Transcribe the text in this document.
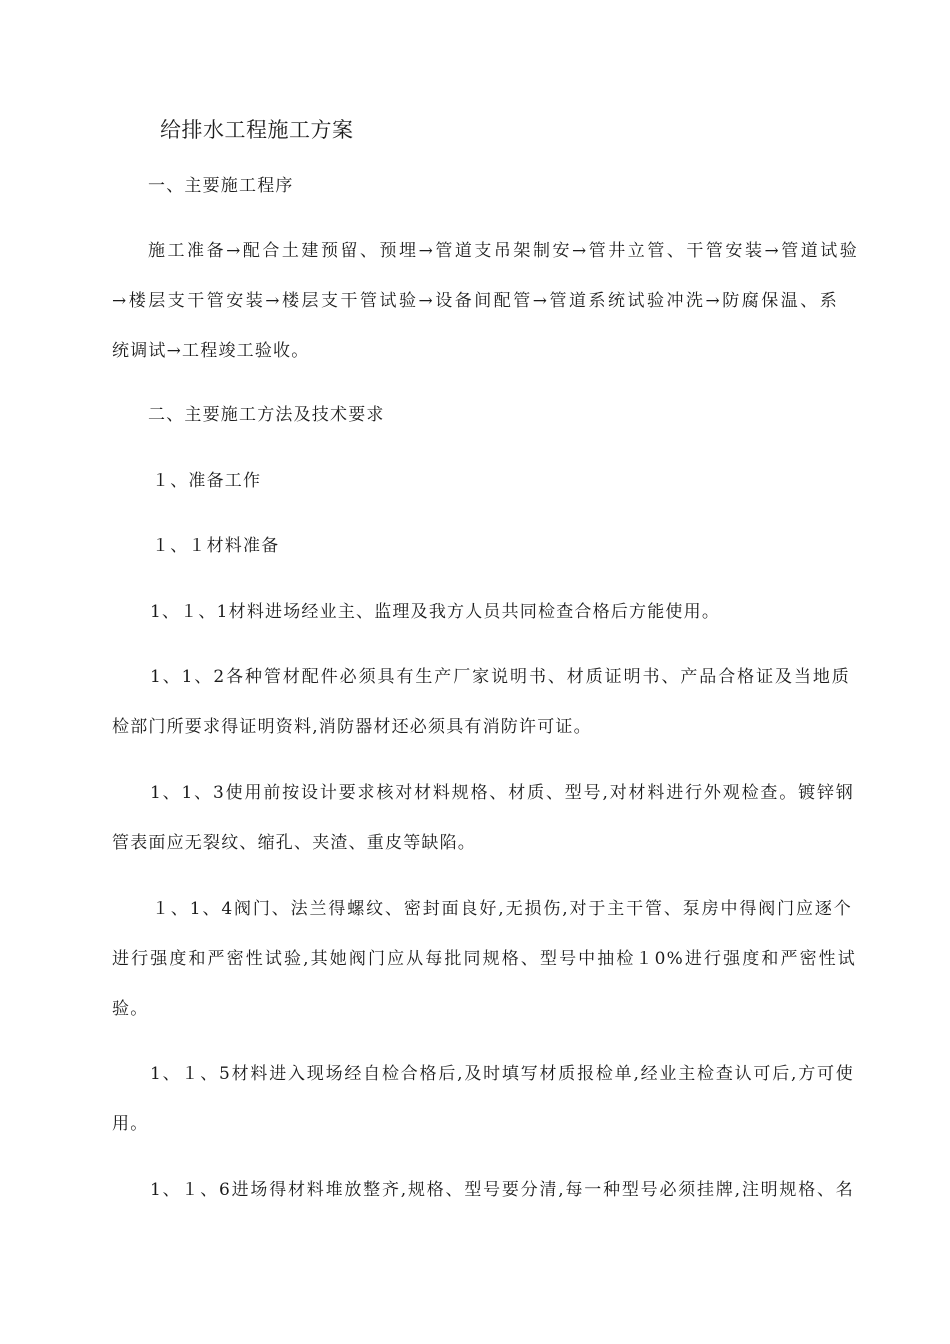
给排水工程施工方案
一、主要施工程序
施工准备→配合土建预留、预埋→管道支吊架制安→管井立管、干管安装→管道试验
→楼层支干管安装→楼层支干管试验→设备间配管→管道系统试验冲洗→防腐保温、系
统调试→工程竣工验收。
二、主要施工方法及技术要求
１、准备工作
１、１材料准备
1、１、1材料进场经业主、监理及我方人员共同检查合格后方能使用。
1、1、2各种管材配件必须具有生产厂家说明书、材质证明书、产品合格证及当地质
检部门所要求得证明资料,消防器材还必须具有消防许可证。
1、1、3使用前按设计要求核对材料规格、材质、型号,对材料进行外观检查。镀锌钢
管表面应无裂纹、缩孔、夹渣、重皮等缺陷。
１、1、4阀门、法兰得螺纹、密封面良好,无损伤,对于主干管、泵房中得阀门应逐个
进行强度和严密性试验,其她阀门应从每批同规格、型号中抽检１0%进行强度和严密性试
验。
1、１、5材料进入现场经自检合格后,及时填写材质报检单,经业主检查认可后,方可使
用。
1、１、6进场得材料堆放整齐,规格、型号要分清,每一种型号必须挂牌,注明规格、名
